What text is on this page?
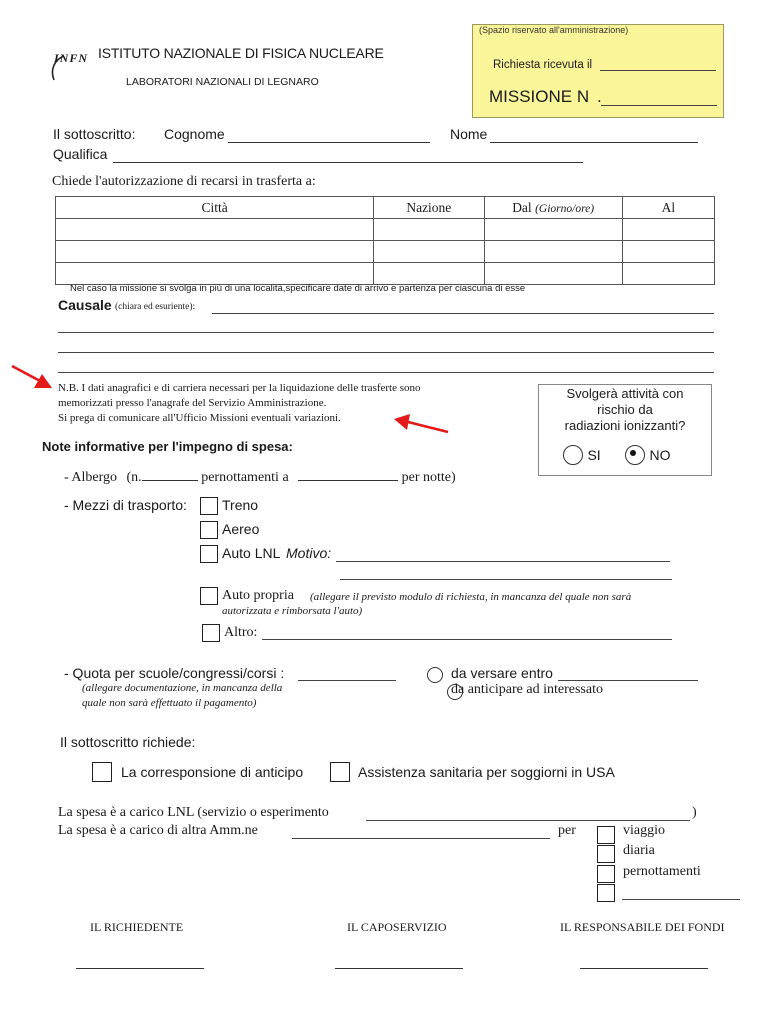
(Spazio riservato all'amministrazione)
Richiesta ricevuta il
MISSIONE N .
INFN ISTITUTO NAZIONALE DI FISICA NUCLEARE
LABORATORI NAZIONALI DI LEGNARO
Il sottoscritto: Cognome	Nome
Qualifica
Chiede l'autorizzazione di recarsi in trasferta a:
Città	Nazione	Dal (Giorno/ore)	Al

Nel caso la missione si svolga in più di una località,specificare date di arrivo e partenza per ciascuna di esse
Causale (chiara ed esuriente):
N.B. I dati anagrafici e di carriera necessari per la liquidazione delle trasferte sono
memorizzati presso l'anagrafe del Servizio Amministrazione.
Si prega di comunicare all'Ufficio Missioni eventuali variazioni.
Svolgerà attività con
rischio da
radiazioni ionizzanti?
SI	NO
Note informative per l'impegno di spesa:
- Albergo (n.	pernottamenti a	per notte)
- Mezzi di trasporto:	Treno
Aereo
Auto LNL Motivo:
Auto propria (allegare il previsto modulo di richiesta, in mancanza del quale non sarà
autorizzata e rimborsata l'auto)
Altro:
- Quota per scuole/congressi/corsi :
(allegare documentazione, in mancanza della
quale non sarà effettuato il pagamento)

da versare entro
da anticipare ad interessato
Il sottoscritto richiede:
La corresponsione di anticipo	Assistenza sanitaria per soggiorni in USA
La spesa è a carico LNL (servizio o esperimento	)
La spesa è a carico di altra Amm.ne	per	viaggio
diaria
pernottamenti
IL RICHIEDENTE	IL CAPOSERVIZIO	IL RESPONSABILE DEI FONDI
